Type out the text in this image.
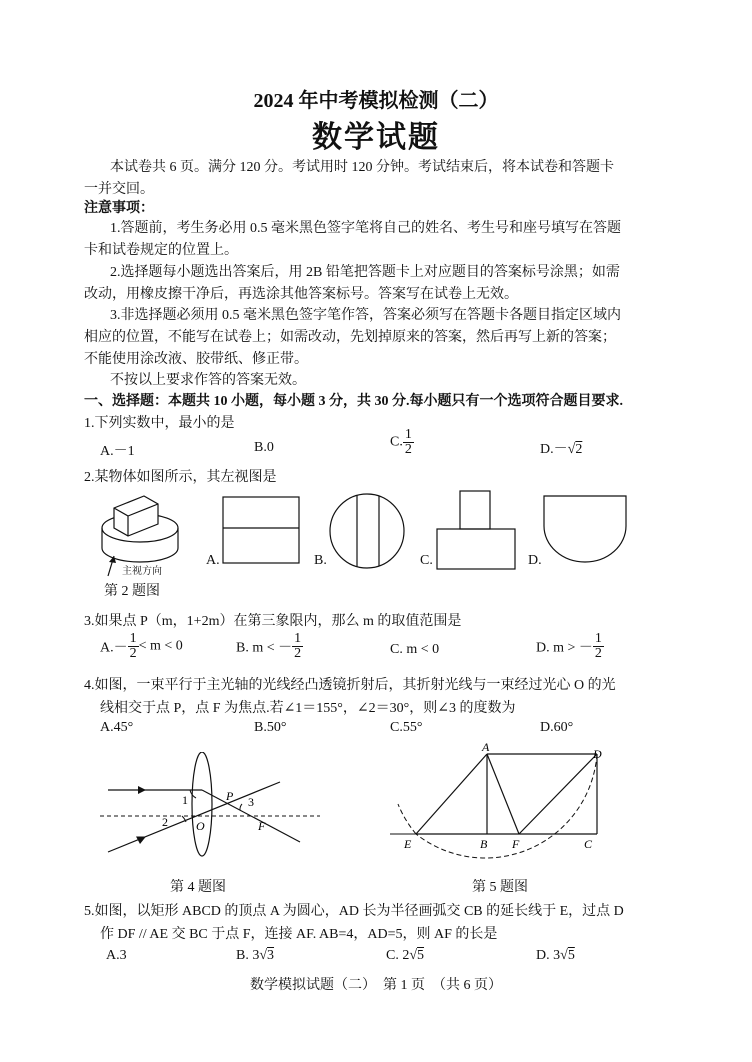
2024 年中考模拟检测（二）
数学试题
本试卷共 6 页。满分 120 分。考试用时 120 分钟。考试结束后，将本试卷和答题卡
一并交回。
注意事项：
1.答题前，考生务必用 0.5 毫米黑色签字笔将自己的姓名、考生号和座号填写在答题
卡和试卷规定的位置上。
2.选择题每小题选出答案后，用 2B 铅笔把答题卡上对应题目的答案标号涂黑；如需
改动，用橡皮擦干净后，再选涂其他答案标号。答案写在试卷上无效。
3.非选择题必须用 0.5 毫米黑色签字笔作答，答案必须写在答题卡各题目指定区域内
相应的位置，不能写在试卷上；如需改动，先划掉原来的答案，然后再写上新的答案；
不能使用涂改液、胶带纸、修正带。
不按以上要求作答的答案无效。
一、选择题：本题共 10 小题，每小题 3 分，共 30 分.每小题只有一个选项符合题目要求.
1.下列实数中，最小的是
A.－1	B.0	C. $\frac{1}{2}$	D.－√2
2.某物体如图所示，其左视图是
主视方向
第 2 题图
A.	B.	C.	D.
3.如果点 P（m，1+2m）在第三象限内，那么 m 的取值范围是
$A.- \frac{1}{2} < m < 0$	B. m < － $\frac{1}{2}$	C. m < 0	D. m > － $\frac{1}{2}$
4.如图，一束平行于主光轴的光线经凸透镜折射后，其折射光线与一束经过光心 O 的光
线相交于点 P，点 F 为焦点.若∠1＝155°，∠2＝30°，则∠3 的度数为
A.45°	B.50°	C.55°	D.60°
1
2
3
P
O	F
第 4 题图
A
B	C
D
E	F
第 5 题图
5.如图，以矩形 ABCD 的顶点 A 为圆心，AD 长为半径画弧交 CB 的延长线于 E，过点 D
作 DF // AE 交 BC 于点 F，连接 AF. AB=4，AD=5，则 AF 的长是
A.3	B. 3√3	C. 2√5	D. 3√5
数学模拟试题（二）　第 1 页　（共 6 页）
